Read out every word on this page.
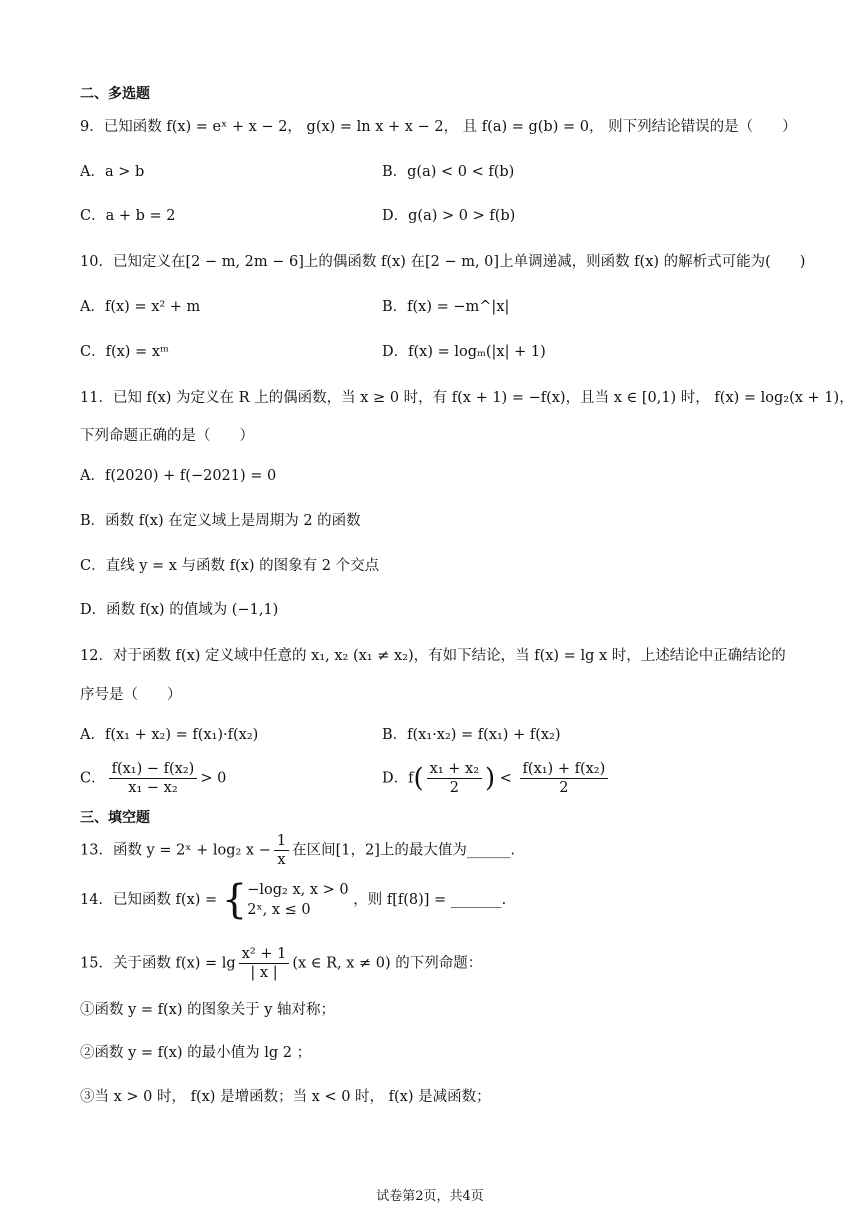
二、多选题
9．已知函数 f(x) = eˣ + x − 2， g(x) = ln x + x − 2， 且 f(a) = g(b) = 0， 则下列结论错误的是（　　）
A．a > b	B．g(a) < 0 < f(b)
C．a + b = 2	D．g(a) > 0 > f(b)
10．已知定义在[2 − m, 2m − 6]上的偶函数 f(x) 在[2 − m, 0]上单调递减，则函数 f(x) 的解析式可能为(　　)
A．f(x) = x² + m	B．f(x) = −m^|x|
C．f(x) = xᵐ	D．f(x) = logₘ(|x| + 1)
11．已知 f(x) 为定义在 R 上的偶函数，当 x ≥ 0 时，有 f(x + 1) = −f(x)，且当 x ∈ [0,1) 时， f(x) = log₂(x + 1)，
下列命题正确的是（　　）
A．f(2020) + f(−2021) = 0
B．函数 f(x) 在定义域上是周期为 2 的函数
C．直线 y = x 与函数 f(x) 的图象有 2 个交点
D．函数 f(x) 的值域为 (−1,1)
12．对于函数 f(x) 定义域中任意的 x₁, x₂ (x₁ ≠ x₂)，有如下结论，当 f(x) = lg x 时，上述结论中正确结论的
序号是（　　）
A．f(x₁ + x₂) = f(x₁)·f(x₂)	B．f(x₁·x₂) = f(x₁) + f(x₂)
C． $\frac{\text{f(x₁) − f(x₂)}}{\text{x₁ − x₂}} > 0$	D．$f( \frac{\text{x₁ + x₂}}{2}$ ) < $\frac{\text{f(x₁) + f(x₂)}}{2}$
三、填空题
13．函数 y = 2ˣ + log₂ $x - \frac{1}{x}$ 在区间[1，2]上的最大值为______.
14．已知函数 f(x) = { −log₂ x, x > 0
2ˣ, x ≤ 0
，则 f[f(8)] = _______.
15．关于函数 $f(x) = \lg \frac{\text{x² + 1}}{| x |} (x$ ∈ R, x ≠ 0) 的下列命题：
①函数 y = f(x) 的图象关于 y 轴对称；
②函数 y = f(x) 的最小值为 lg 2 ；
③当 x > 0 时， f(x) 是增函数；当 x < 0 时， f(x) 是减函数；
试卷第2页，共4页
